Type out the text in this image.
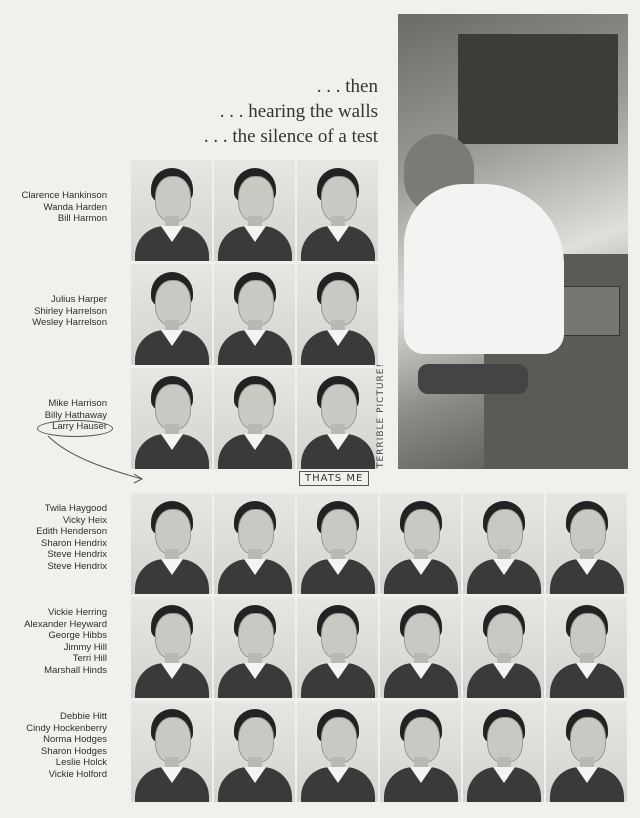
. . . then
. . . hearing the walls
. . . the silence of a test
Clarence Hankinson
Wanda Harden
Bill Harmon
Julius Harper
Shirley Harrelson
Wesley Harrelson
Mike Harrison
Billy Hathaway
Larry Hauser
Twila Haygood
Vicky Heix
Edith Henderson
Sharon Hendrix
Steve Hendrix
Steve Hendrix
Vickie Herring
Alexander Heyward
George Hibbs
Jimmy Hill
Terri Hill
Marshall Hinds
Debbie Hitt
Cindy Hockenberry
Norma Hodges
Sharon Hodges
Leslie Holck
Vickie Holford
TERRIBLE PICTURE!
THATS ME
